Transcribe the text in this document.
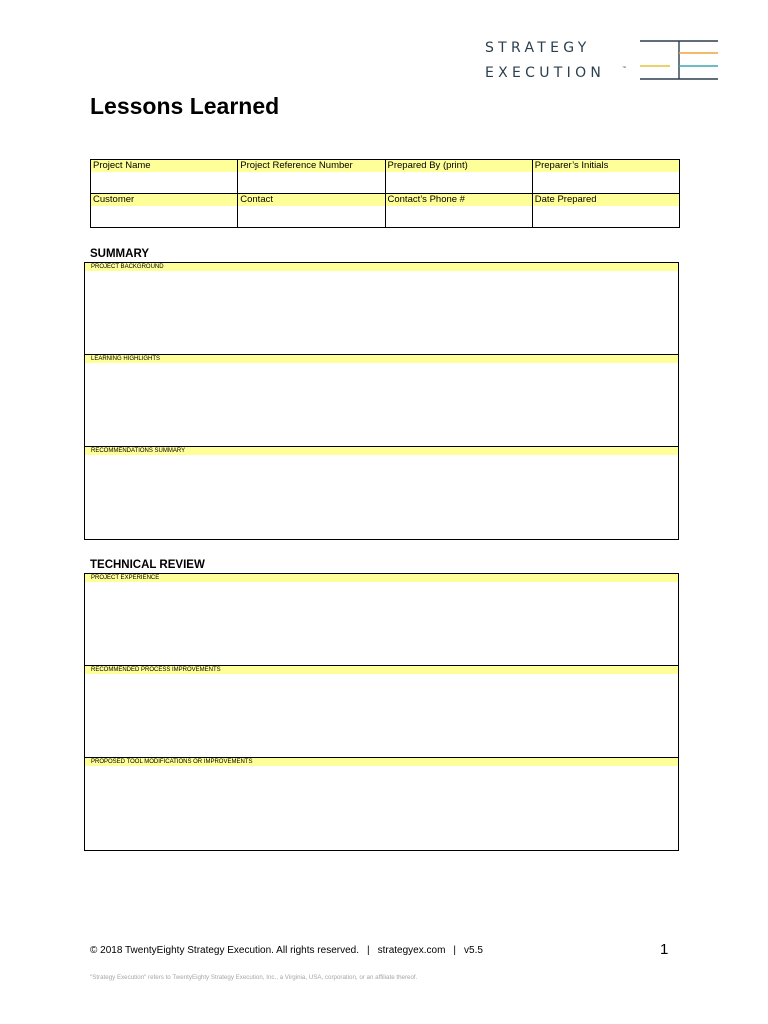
STRATEGY
EXECUTION	™
Lessons Learned
Project Name	Project Reference Number	Prepared By (print)	Preparer’s Initials

Customer	Contact	Contact’s Phone #	Date Prepared
SUMMARY
PROJECT BACKGROUND
LEARNING HIGHLIGHTS
RECOMMENDATIONS SUMMARY
TECHNICAL REVIEW
PROJECT EXPERIENCE
RECOMMENDED PROCESS IMPROVEMENTS
PROPOSED TOOL MODIFICATIONS OR IMPROVEMENTS
© 2018 TwentyEighty Strategy Execution. All rights reserved. | strategyex.com | v5.5	1
"Strategy Execution" refers to TwentyEighty Strategy Execution, Inc., a Virginia, USA, corporation, or an affiliate thereof.
